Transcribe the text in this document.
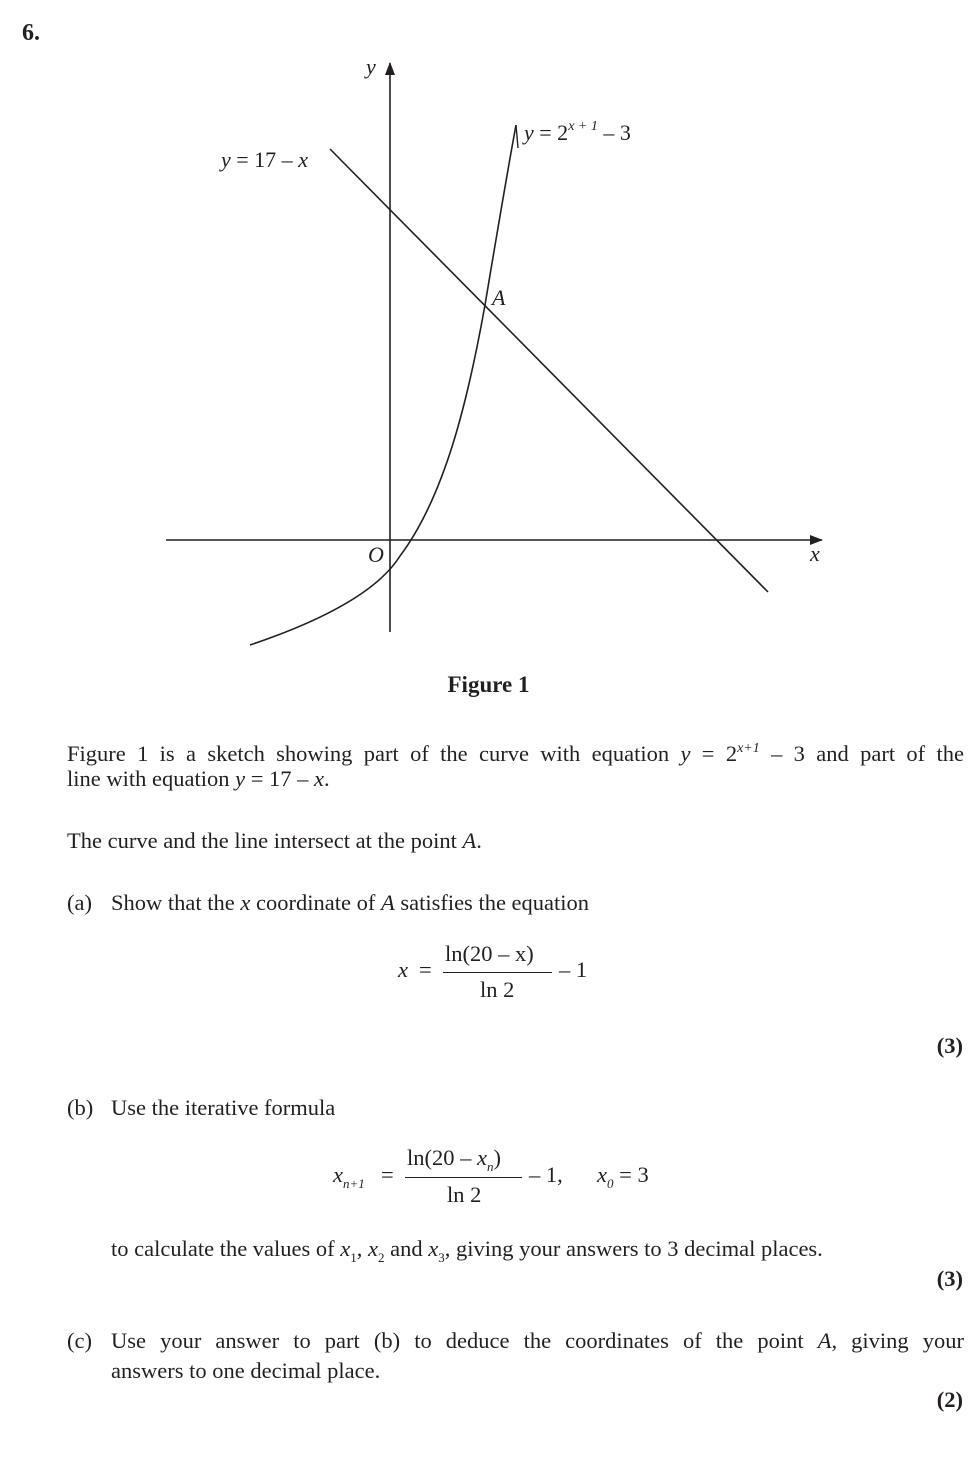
6.
y
x
O
A
y = 17 – x
$y = 2^{x + 1} - 3$
Figure 1
Figure 1 is a sketch showing part of the curve with equation $y = 2^{x+1} - 3$ and part of the
line with equation y = 17 – x.
The curve and the line intersect at the point A.
(a) Show that the x coordinate of A satisfies the equation
x =
ln(20 – x)
ln 2
– 1
(3)
(b) Use the iterative formula
$x_{n+1}$ =
$\ln(20 - x_n)$
ln 2
– 1, $x_0 = 3$
to calculate the values of $x_1$, $x_2$ and $x_3$, giving your answers to 3 decimal places.
(3)
(c) Use your answer to part (b) to deduce the coordinates of the point A, giving your
answers to one decimal place.
(2)
